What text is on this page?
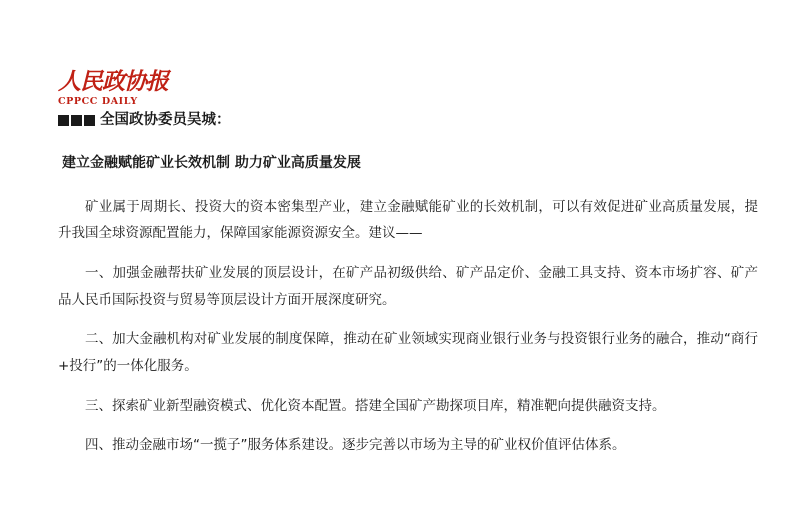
人民政协报
CPPCC DAILY
全国政协委员吴城：
建立金融赋能矿业长效机制 助力矿业高质量发展

矿业属于周期长、投资大的资本密集型产业，建立金融赋能矿业的长效机制，可以有效促进矿业高质量发展，提升我国全球资源配置能力，保障国家能源资源安全。建议——

一、加强金融帮扶矿业发展的顶层设计，在矿产品初级供给、矿产品定价、金融工具支持、资本市场扩容、矿产品人民币国际投资与贸易等顶层设计方面开展深度研究。

二、加大金融机构对矿业发展的制度保障，推动在矿业领域实现商业银行业务与投资银行业务的融合，推动“商行+投行”的一体化服务。

三、探索矿业新型融资模式、优化资本配置。搭建全国矿产勘探项目库，精准靶向提供融资支持。

四、推动金融市场“一揽子”服务体系建设。逐步完善以市场为主导的矿业权价值评估体系。
